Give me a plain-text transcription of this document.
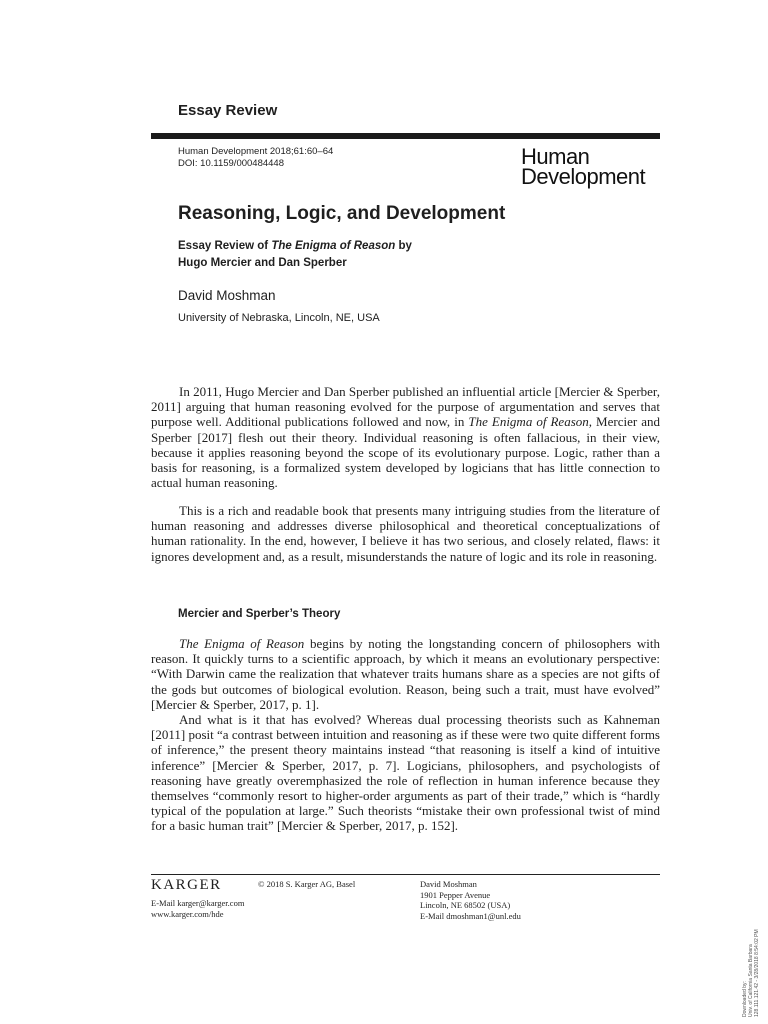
Essay Review
Human Development 2018;61:60–64
DOI: 10.1159/000484448	Human
Development
Reasoning, Logic, and Development
Essay Review of The Enigma of Reason by
Hugo Mercier and Dan Sperber
David Moshman
University of Nebraska, Lincoln, NE, USA

In 2011, Hugo Mercier and Dan Sperber published an influential article [Mercier & Sperber, 2011] arguing that human reasoning evolved for the purpose of argumentation and serves that purpose well. Additional publications followed and now, in The Enigma of Reason, Mercier and Sperber [2017] flesh out their theory. Individual reasoning is often fallacious, in their view, because it applies reasoning beyond the scope of its evolutionary purpose. Logic, rather than a basis for reasoning, is a formalized system developed by logicians that has little connection to actual human reasoning.

This is a rich and readable book that presents many intriguing studies from the literature of human reasoning and addresses diverse philosophical and theoretical conceptualizations of human rationality. In the end, however, I believe it has two serious, and closely related, flaws: it ignores development and, as a result, misunderstands the nature of logic and its role in reasoning.

Mercier and Sperber’s Theory

The Enigma of Reason begins by noting the longstanding concern of philosophers with reason. It quickly turns to a scientific approach, by which it means an evolutionary perspective: “With Darwin came the realization that whatever traits humans share as a species are not gifts of the gods but outcomes of biological evolution. Reason, being such a trait, must have evolved” [Mercier & Sperber, 2017, p. 1].

And what is it that has evolved? Whereas dual processing theorists such as Kahneman [2011] posit “a contrast between intuition and reasoning as if these were two quite different forms of inference,” the present theory maintains instead “that reasoning is itself a kind of intuitive inference” [Mercier & Sperber, 2017, p. 7]. Logicians, philosophers, and psychologists of reasoning have greatly overemphasized the role of reflection in human inference because they themselves “commonly resort to higher-order arguments as part of their trade,” which is “hardly typical of the population at large.” Such theorists “mistake their own professional twist of mind for a basic human trait” [Mercier & Sperber, 2017, p. 152].

KARGER	© 2018 S. Karger AG, Basel
E-Mail karger@karger.com
www.karger.com/hde
David Moshman
1901 Pepper Avenue
Lincoln, NE 68502 (USA)
E-Mail dmoshman1@unl.edu
Downloaded by: Univ. of California Santa Barbara 128.111.121.42 - 3/28/2018 8:54:02 PM
